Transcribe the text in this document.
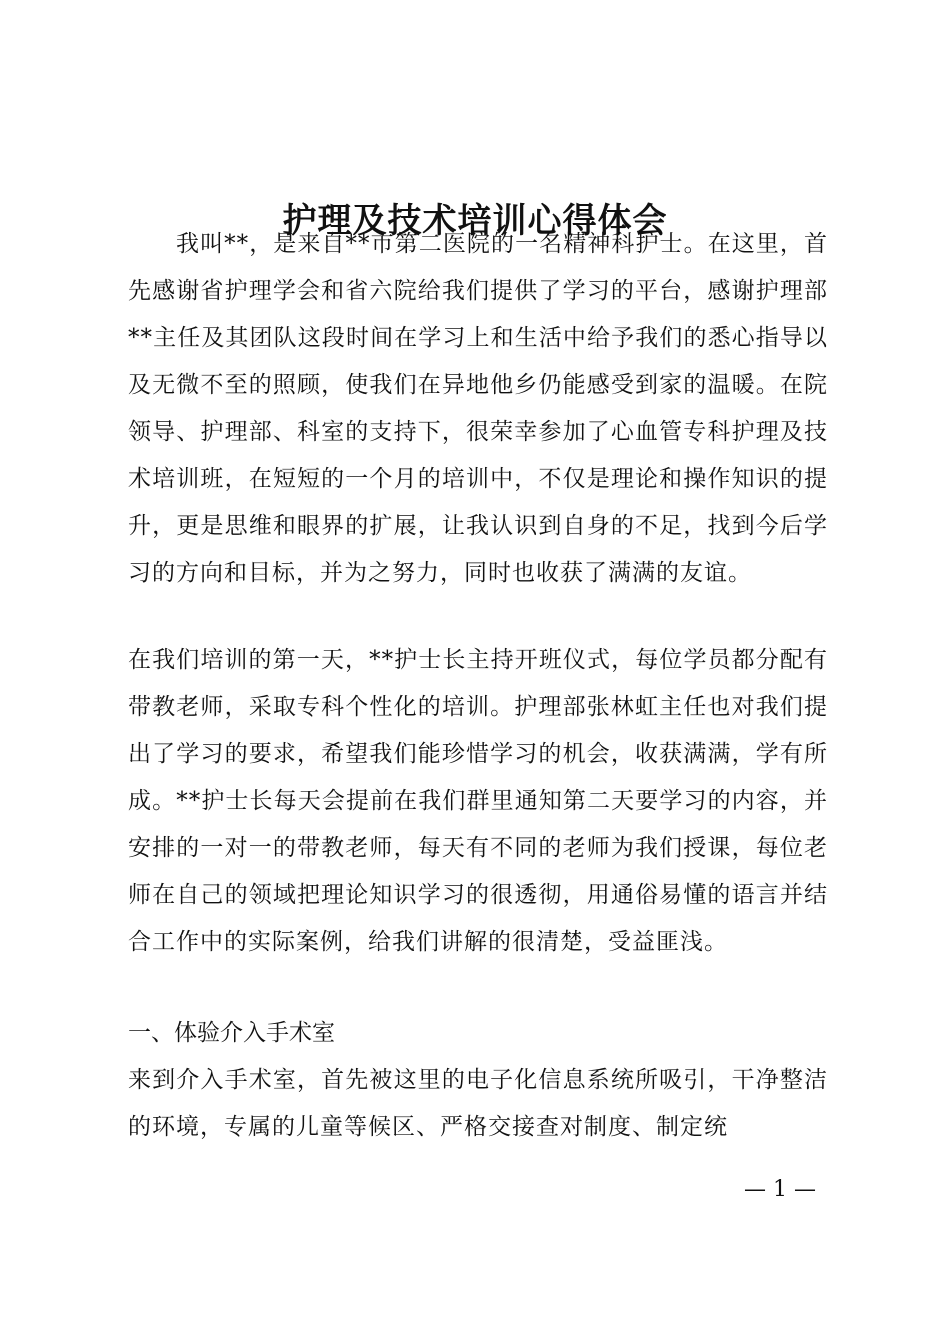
护理及技术培训心得体会

我叫**，是来自**市第二医院的一名精神科护士。在这里，首先感谢省护理学会和省六院给我们提供了学习的平台，感谢护理部**主任及其团队这段时间在学习上和生活中给予我们的悉心指导以及无微不至的照顾，使我们在异地他乡仍能感受到家的温暖。在院领导、护理部、科室的支持下，很荣幸参加了心血管专科护理及技术培训班，在短短的一个月的培训中，不仅是理论和操作知识的提升，更是思维和眼界的扩展，让我认识到自身的不足，找到今后学习的方向和目标，并为之努力，同时也收获了满满的友谊。

在我们培训的第一天，**护士长主持开班仪式，每位学员都分配有带教老师，采取专科个性化的培训。护理部张林虹主任也对我们提出了学习的要求，希望我们能珍惜学习的机会，收获满满，学有所成。**护士长每天会提前在我们群里通知第二天要学习的内容，并安排的一对一的带教老师，每天有不同的老师为我们授课，每位老师在自己的领域把理论知识学习的很透彻，用通俗易懂的语言并结合工作中的实际案例，给我们讲解的很清楚，受益匪浅。

一、体验介入手术室

来到介入手术室，首先被这里的电子化信息系统所吸引，干净整洁的环境，专属的儿童等候区、严格交接查对制度、制定统

— 1 —
